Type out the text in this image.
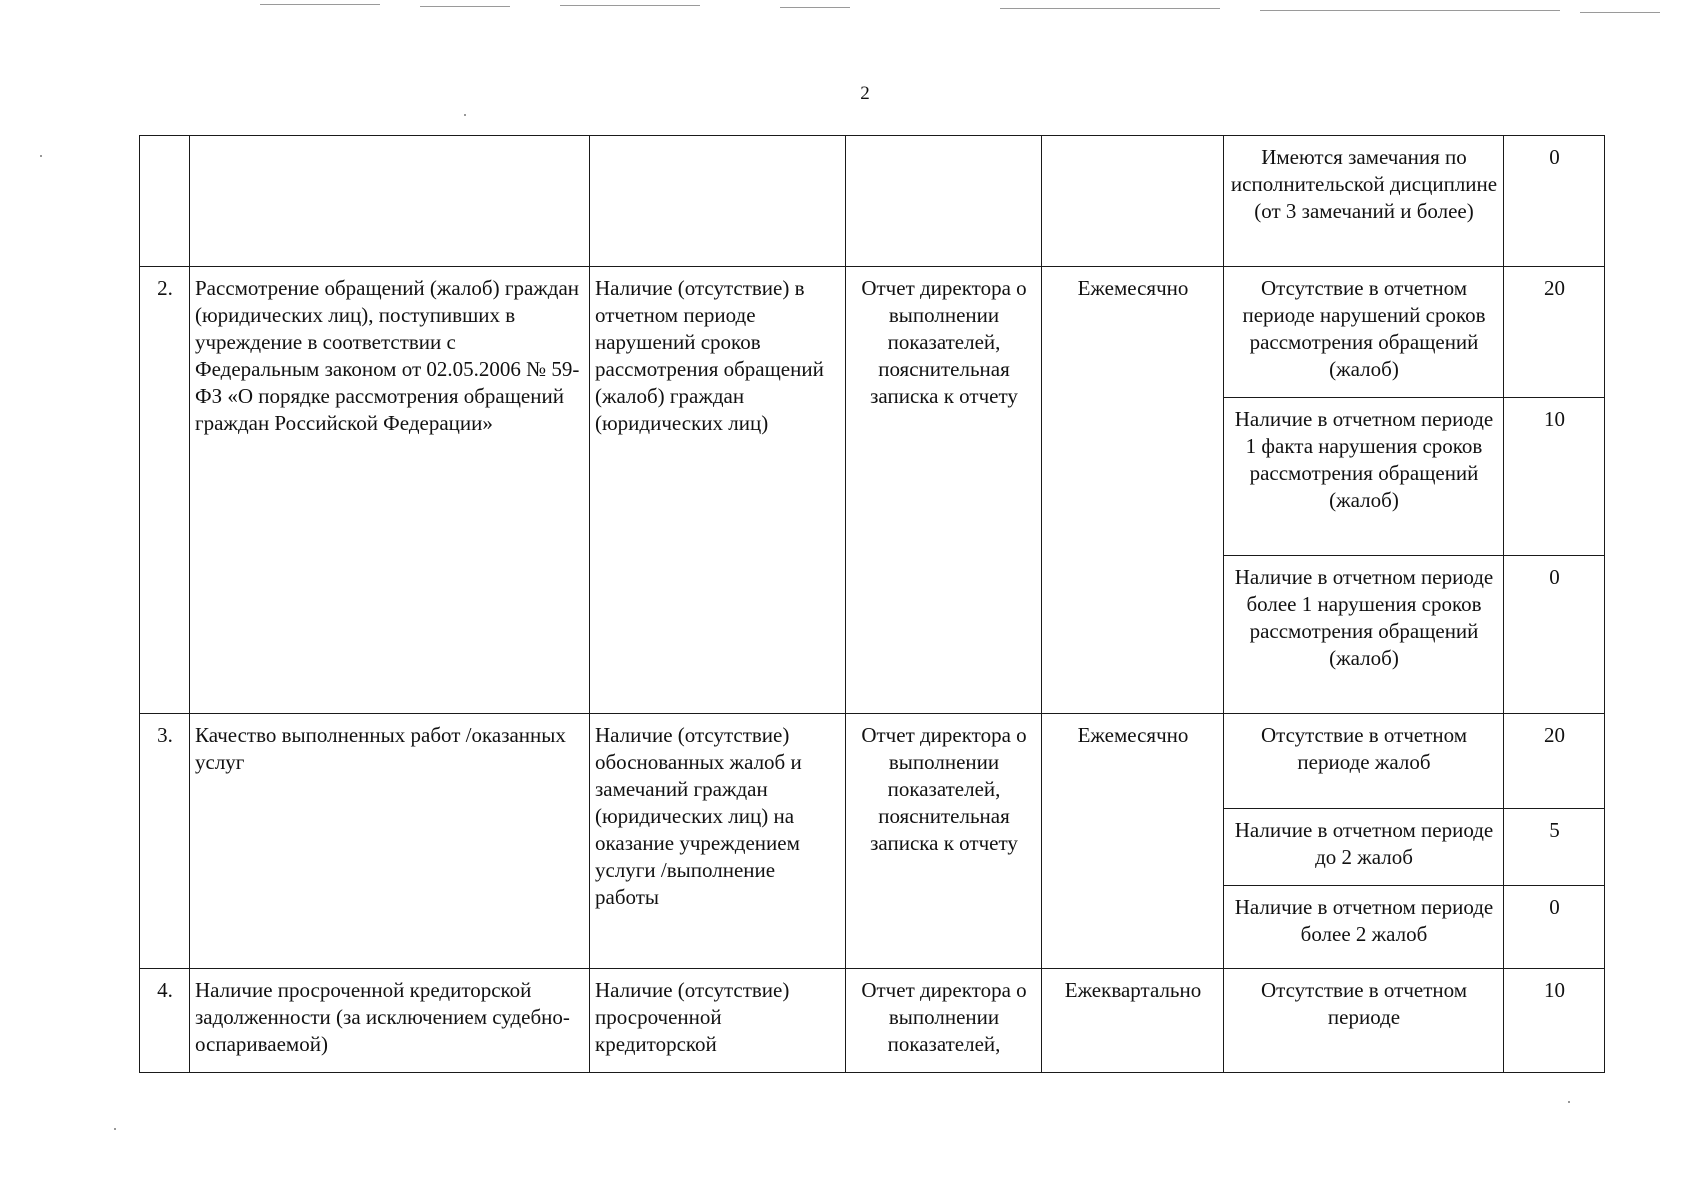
2
					Имеются замечания по исполнительской дисциплине (от 3 замечаний и более)	0
2.	Рассмотрение обращений (жалоб) граждан (юридических лиц), поступивших в учреждение в соответствии с Федеральным законом от 02.05.2006 № 59-ФЗ «О порядке рассмотрения обращений граждан Российской Федерации»	Наличие (отсутствие) в отчетном периоде нарушений сроков рассмотрения обращений (жалоб) граждан (юридических лиц)	Отчет директора о выполнении показателей, пояснительная записка к отчету	Ежемесячно	Отсутствие в отчетном периоде нарушений сроков рассмотрения обращений (жалоб)	20
					Наличие в отчетном периоде 1 факта нарушения сроков рассмотрения обращений (жалоб)	10
					Наличие в отчетном периоде более 1 нарушения сроков рассмотрения обращений (жалоб)	0
3.	Качество выполненных работ /оказанных услуг	Наличие (отсутствие) обоснованных жалоб и замечаний граждан (юридических лиц) на оказание учреждением услуги /выполнение работы	Отчет директора о выполнении показателей, пояснительная записка к отчету	Ежемесячно	Отсутствие в отчетном периоде жалоб	20
					Наличие в отчетном периоде до 2 жалоб	5
					Наличие в отчетном периоде более 2 жалоб	0
4.	Наличие просроченной кредиторской задолженности (за исключением судебно-оспариваемой)	Наличие (отсутствие) просроченной кредиторской	Отчет директора о выполнении показателей,	Ежеквартально	Отсутствие в отчетном периоде	10
